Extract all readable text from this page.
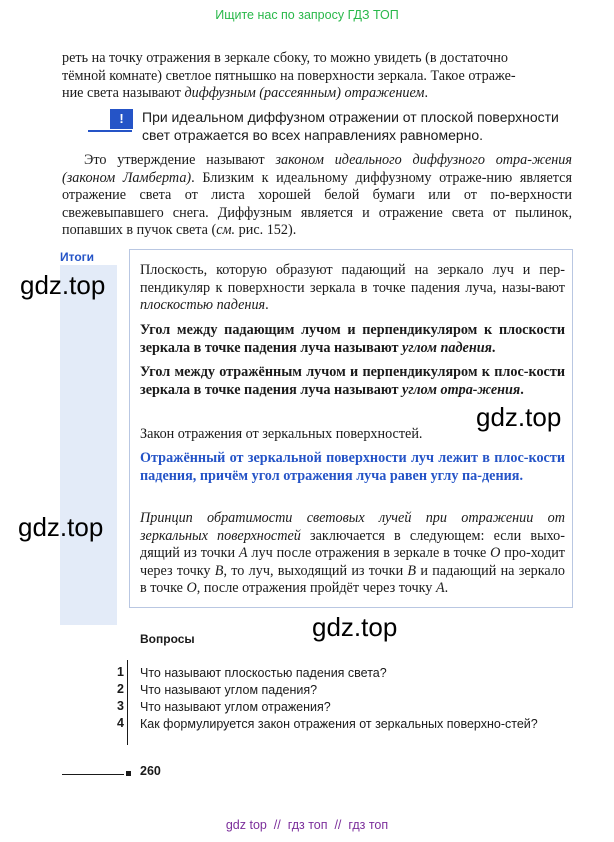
Ищите нас по запросу ГДЗ ТОП
реть на точку отражения в зеркале сбоку, то можно увидеть (в достаточно
тёмной комнате) светлое пятнышко на поверхности зеркала. Такое отраже-
ние света называют диффузным (рассеянным) отражением.
!	При идеальном диффузном отражении от плоской поверхности
свет отражается во всех направлениях равномерно.
Это утверждение называют законом идеального диффузного отра-жения (законом Ламберта). Близким к идеальному диффузному отраже-нию является отражение света от листа хорошей белой бумаги или от по-верхности свежевыпавшего снега. Диффузным является и отражение света от пылинок, попавших в пучок света (см. рис. 152).
Итоги
Плоскость, которую образуют падающий на зеркало луч и пер-пендикуляр к поверхности зеркала в точке падения луча, назы-вают плоскостью падения.
Угол между падающим лучом и перпендикуляром к плоскости зеркала в точке падения луча называют углом падения.
Угол между отражённым лучом и перпендикуляром к плос-кости зеркала в точке падения луча называют углом отра-жения.
Закон отражения от зеркальных поверхностей.
Отражённый от зеркальной поверхности луч лежит в плос-кости падения, причём угол отражения луча равен углу па-дения.
Принцип обратимости световых лучей при отражении от зеркальных поверхностей заключается в следующем: если выхо-дящий из точки A луч после отражения в зеркале в точке O про-ходит через точку B, то луч, выходящий из точки B и падающий на зеркало в точке O, после отражения пройдёт через точку A.
gdz.top
gdz.top
gdz.top
gdz.top
Вопросы
1 Что называют плоскостью падения света?
2 Что называют углом падения?
3 Что называют углом отражения?
4 Как формулируется закон отражения от зеркальных поверхно-стей?
260
gdz top  //  гдз топ  //  гдз топ
